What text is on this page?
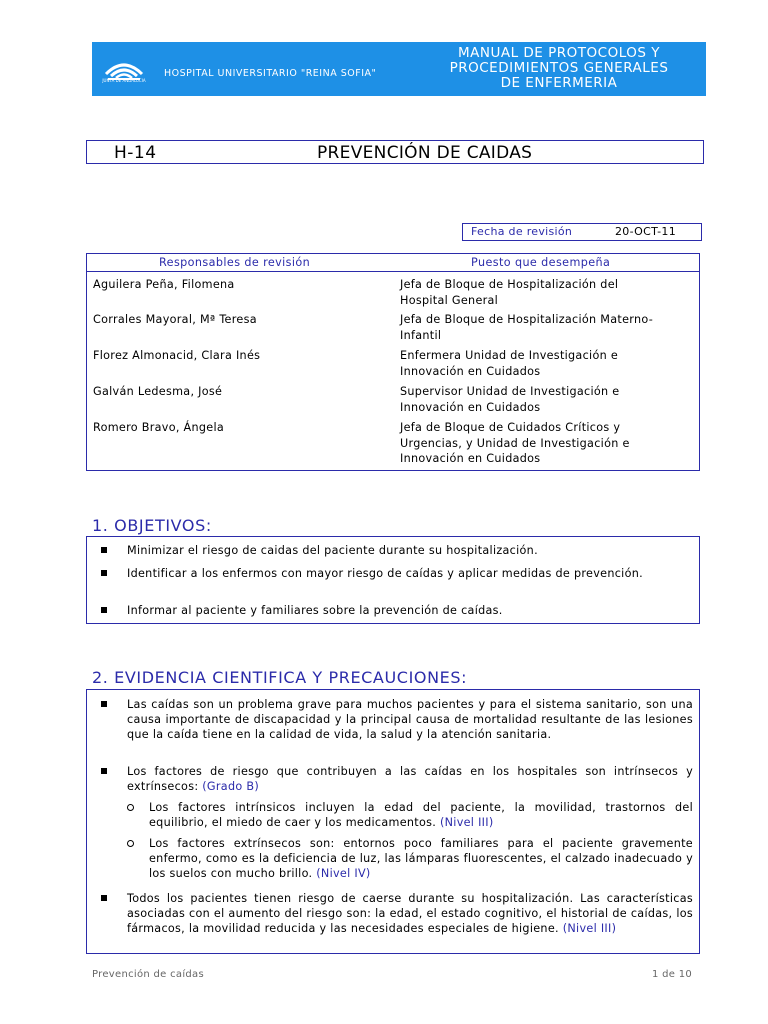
JUNTA DE ANDALUCIA
HOSPITAL UNIVERSITARIO "REINA SOFIA"
MANUAL DE PROTOCOLOS Y
PROCEDIMIENTOS GENERALES
DE ENFERMERIA
H-14	PREVENCIÓN DE CAIDAS
Fecha de revisión	20-OCT-11
Responsables de revisión	Puesto que desempeña
Aguilera Peña, Filomena	Jefa de Bloque de Hospitalización del
Hospital General
Corrales Mayoral, Mª Teresa	Jefa de Bloque de Hospitalización Materno-
Infantil
Florez Almonacid, Clara Inés	Enfermera Unidad de Investigación e
Innovación en Cuidados
Galván Ledesma, José	Supervisor Unidad de Investigación e
Innovación en Cuidados
Romero Bravo, Ángela	Jefa de Bloque de Cuidados Críticos y
Urgencias, y Unidad de Investigación e
Innovación en Cuidados
1. OBJETIVOS:
Minimizar el riesgo de caidas del paciente durante su hospitalización.
Identificar a los enfermos con mayor riesgo de caídas y aplicar medidas de prevención.
Informar al paciente y familiares sobre la prevención de caídas.
2. EVIDENCIA CIENTIFICA Y PRECAUCIONES:
Las caídas son un problema grave para muchos pacientes y para el sistema sanitario, son una causa importante de discapacidad y la principal causa de mortalidad resultante de las lesiones que la caída tiene en la calidad de vida, la salud y la atención sanitaria.
Los factores de riesgo que contribuyen a las caídas en los hospitales son intrínsecos y extrínsecos: (Grado B)
Los factores intrínsicos incluyen la edad del paciente, la movilidad, trastornos del equilibrio, el miedo de caer y los medicamentos. (Nivel III)
Los factores extrínsecos son: entornos poco familiares para el paciente gravemente enfermo, como es la deficiencia de luz, las lámparas fluorescentes, el calzado inadecuado y los suelos con mucho brillo. (Nivel IV)
Todos los pacientes tienen riesgo de caerse durante su hospitalización. Las características asociadas con el aumento del riesgo son: la edad, el estado cognitivo, el historial de caídas, los fármacos, la movilidad reducida y las necesidades especiales de higiene. (Nivel III)
Prevención de caídas	1 de 10
